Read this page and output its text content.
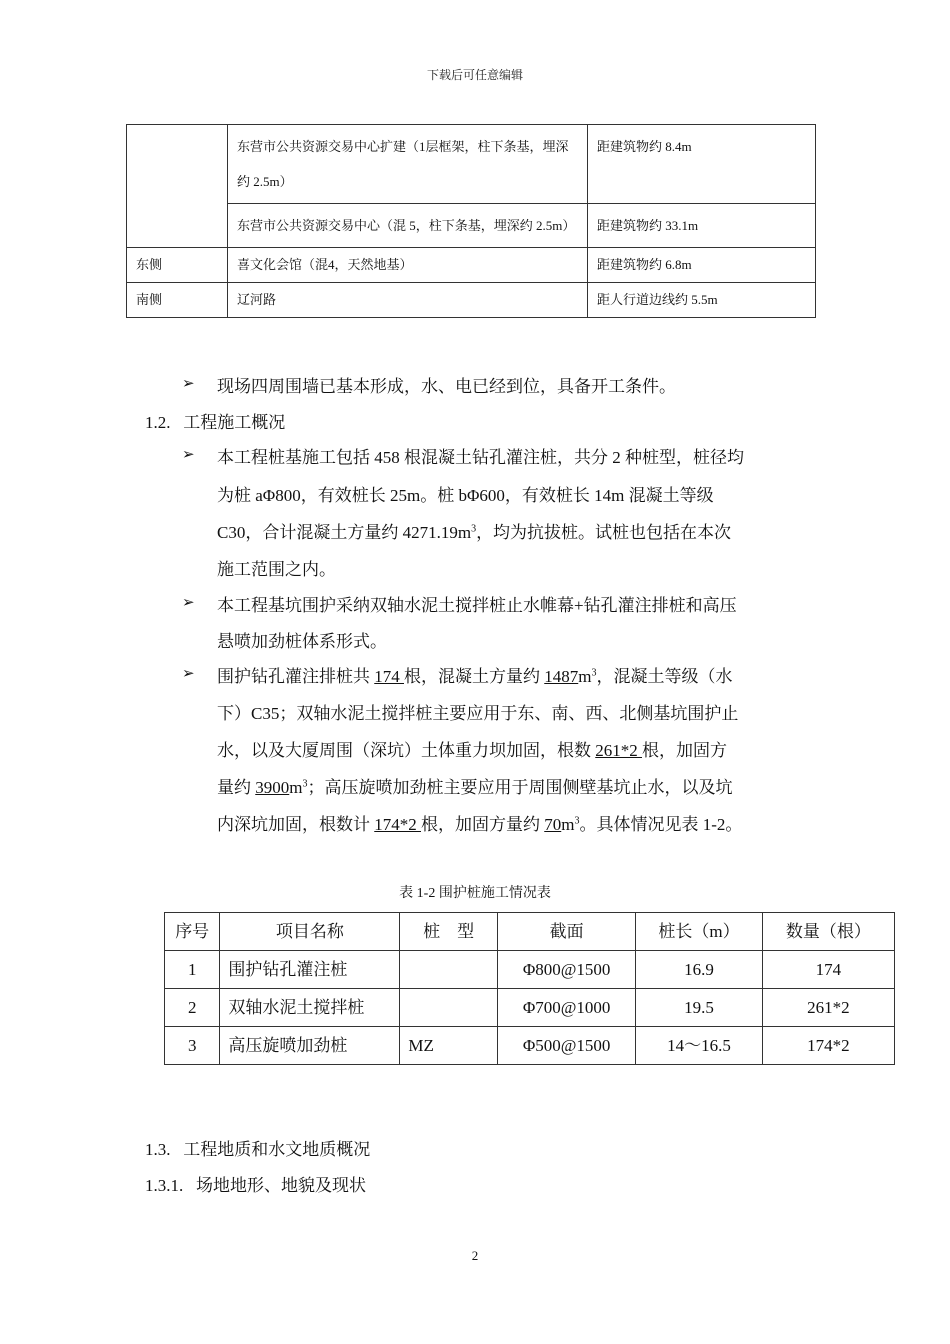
下载后可任意编辑
	东营市公共资源交易中心扩建（1层框架，柱下条基，埋深约 2.5m）	距建筑物约 8.4m
	东营市公共资源交易中心（混 5，柱下条基，埋深约 2.5m）	距建筑物约 33.1m
东侧	喜文化会馆（混4，天然地基）	距建筑物约 6.8m
南侧	辽河路	距人行道边线约 5.5m
➢ 现场四周围墙已基本形成，水、电已经到位，具备开工条件。
1.2. 工程施工概况
➢ 本工程桩基施工包括 458 根混凝土钻孔灌注桩，共分 2 种桩型，桩径均
为桩 aΦ800，有效桩长 25m。桩 bΦ600，有效桩长 14m 混凝土等级
C30，合计混凝土方量约 $4271.19m^3$，均为抗拔桩。试桩也包括在本次
施工范围之内。
➢ 本工程基坑围护采纳双轴水泥土搅拌桩止水帷幕+钻孔灌注排桩和高压
悬喷加劲桩体系形式。
➢ 围护钻孔灌注排桩共 174 根，混凝土方量约 $1487m^3$，混凝土等级（水
下）C35；双轴水泥土搅拌桩主要应用于东、南、西、北侧基坑围护止
水，以及大厦周围（深坑）土体重力坝加固，根数 261*2 根，加固方
量约 $3900m^3$；高压旋喷加劲桩主要应用于周围侧壁基坑止水，以及坑
内深坑加固，根数计 174*2 根，加固方量约 $70m^3$。具体情况见表 1-2。
表 1-2 围护桩施工情况表
序号	项目名称	桩　型	截面	桩长（m）	数量（根）
1	围护钻孔灌注桩		Φ800@1500	16.9	174
2	双轴水泥土搅拌桩		Φ700@1000	19.5	261*2
3	高压旋喷加劲桩	MZ	Φ500@1500	14～16.5	174*2
1.3. 工程地质和水文地质概况
1.3.1. 场地地形、地貌及现状
2
